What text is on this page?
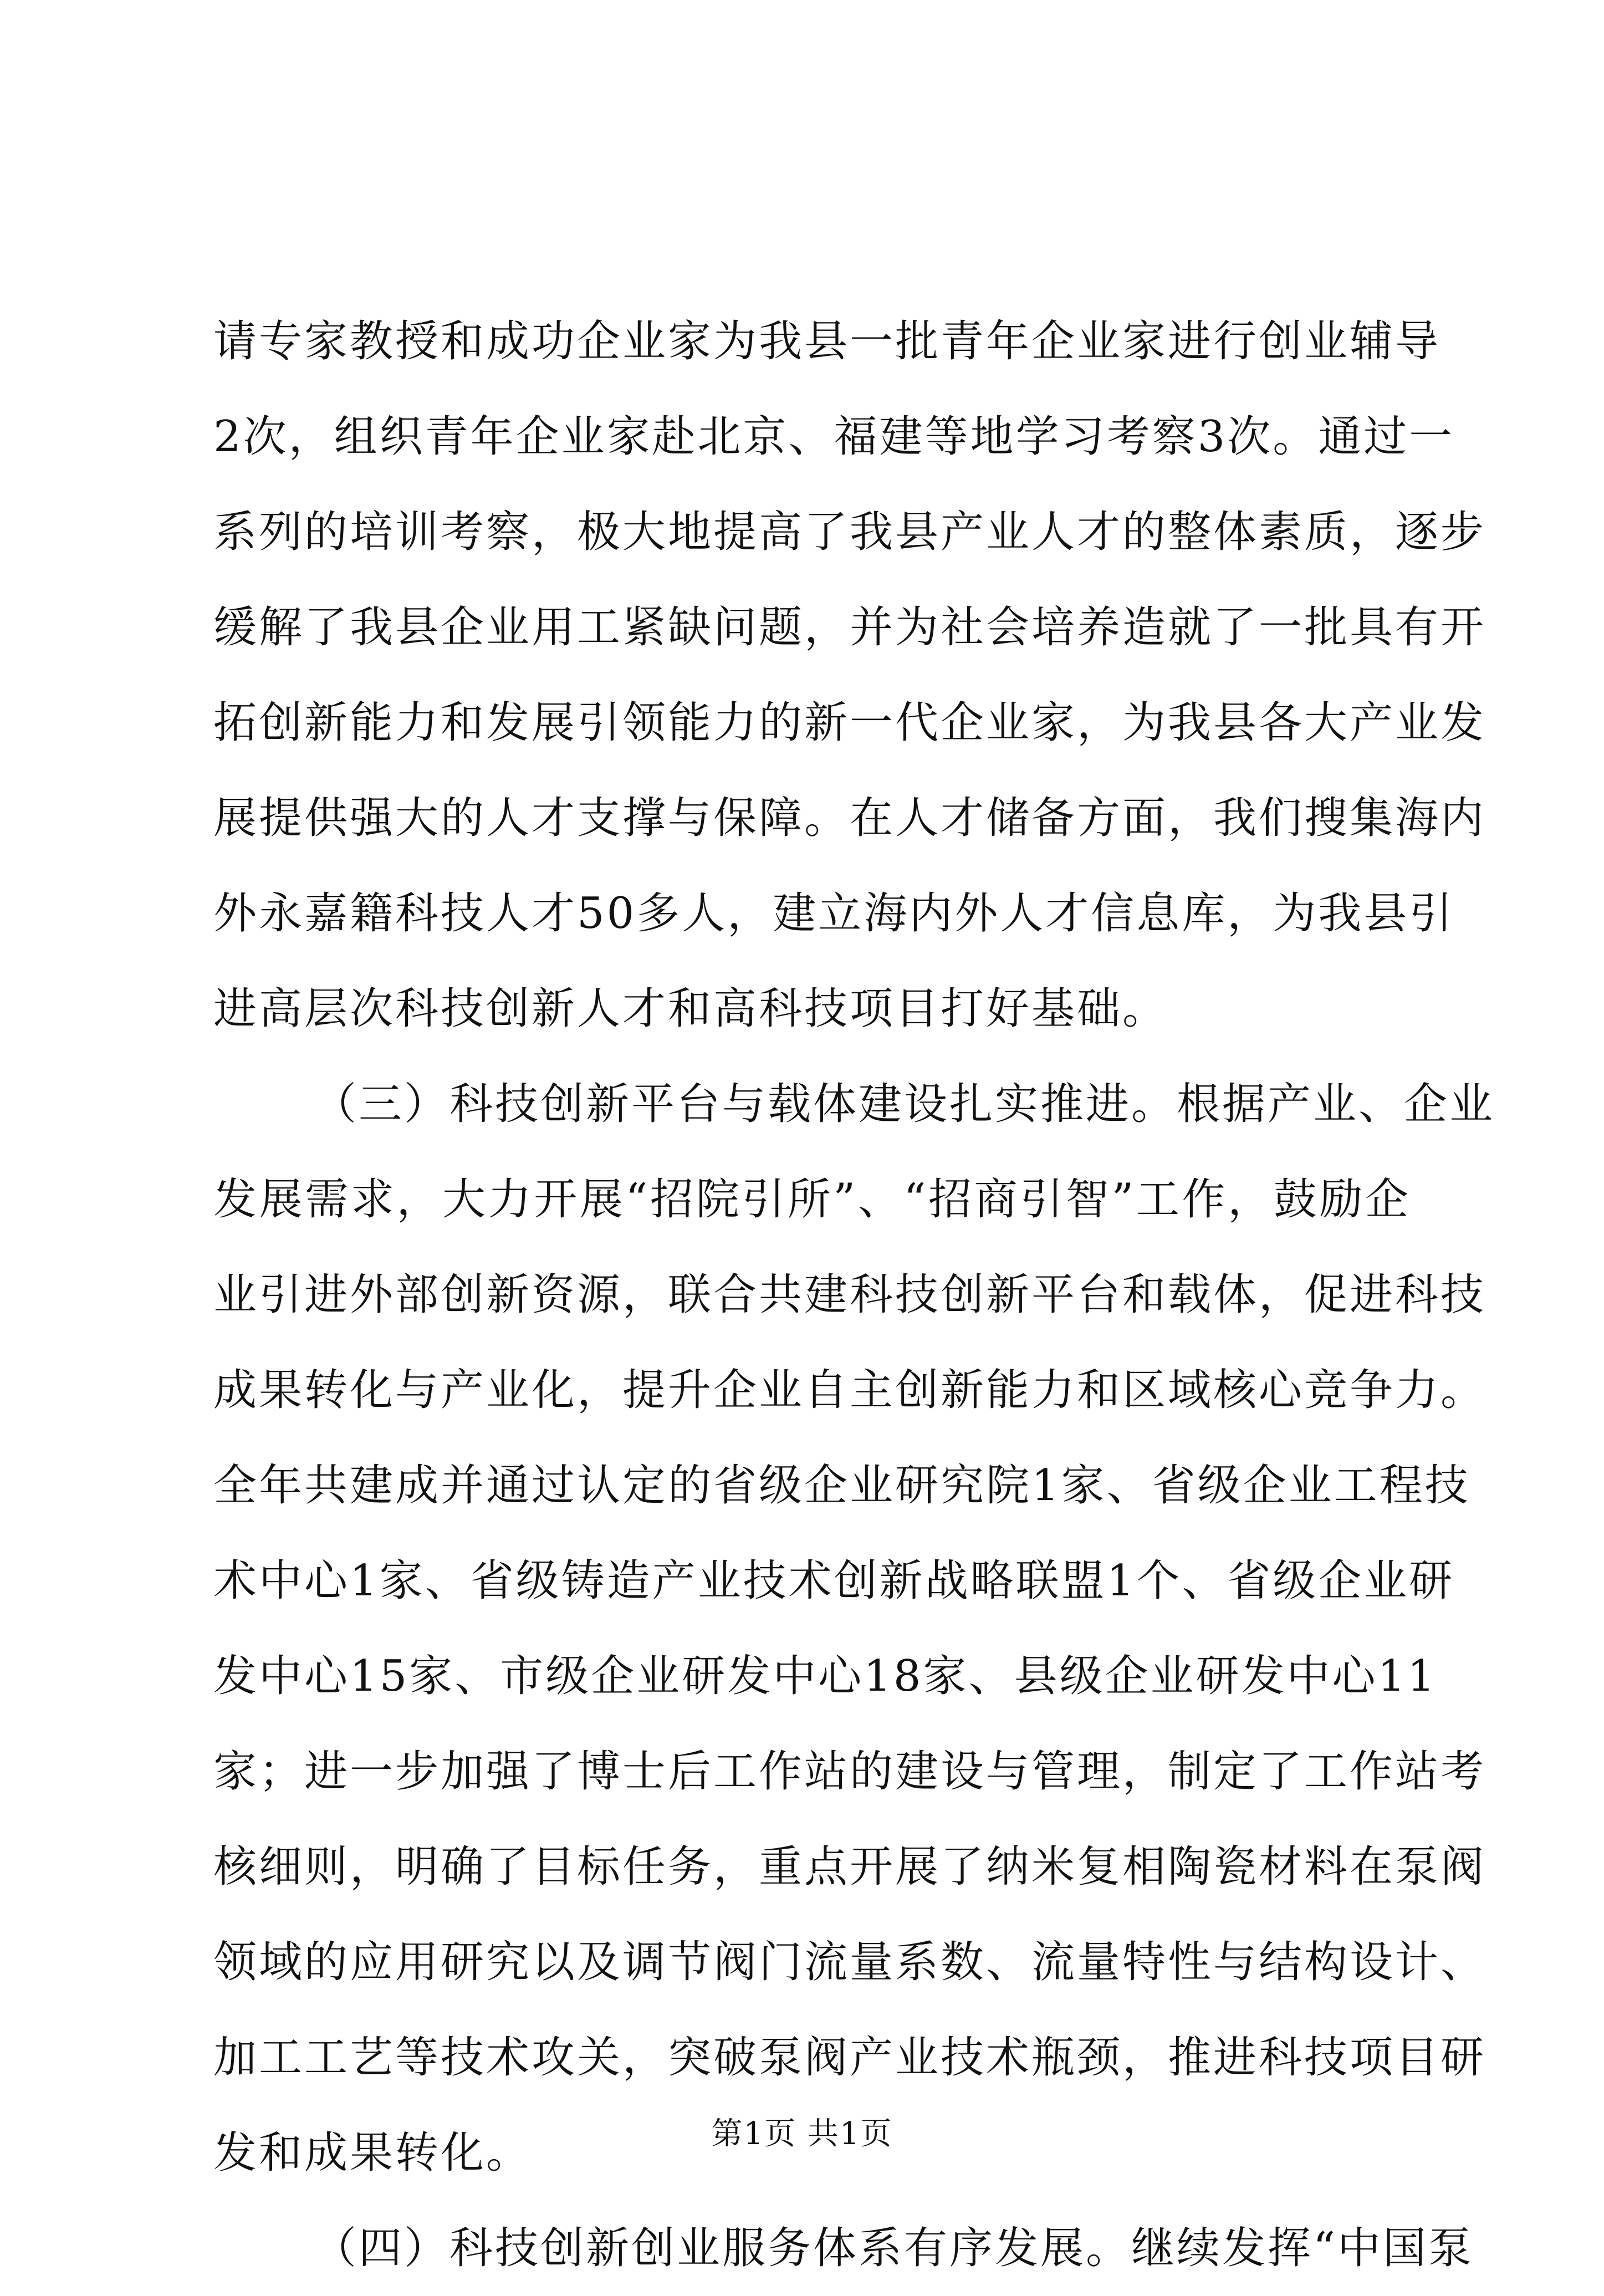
请专家教授和成功企业家为我县一批青年企业家进行创业辅导
2次，组织青年企业家赴北京、福建等地学习考察3次。通过一
系列的培训考察，极大地提高了我县产业人才的整体素质，逐步
缓解了我县企业用工紧缺问题，并为社会培养造就了一批具有开
拓创新能力和发展引领能力的新一代企业家，为我县各大产业发
展提供强大的人才支撑与保障。在人才储备方面，我们搜集海内
外永嘉籍科技人才50多人，建立海内外人才信息库，为我县引
进高层次科技创新人才和高科技项目打好基础。
（三）科技创新平台与载体建设扎实推进。根据产业、企业
发展需求，大力开展“招院引所”、“招商引智”工作，鼓励企
业引进外部创新资源，联合共建科技创新平台和载体，促进科技
成果转化与产业化，提升企业自主创新能力和区域核心竞争力。
全年共建成并通过认定的省级企业研究院1家、省级企业工程技
术中心1家、省级铸造产业技术创新战略联盟1个、省级企业研
发中心15家、市级企业研发中心18家、县级企业研发中心11
家；进一步加强了博士后工作站的建设与管理，制定了工作站考
核细则，明确了目标任务，重点开展了纳米复相陶瓷材料在泵阀
领域的应用研究以及调节阀门流量系数、流量特性与结构设计、
加工工艺等技术攻关，突破泵阀产业技术瓶颈，推进科技项目研
发和成果转化。
（四）科技创新创业服务体系有序发展。继续发挥“中国泵
第1页 共1页
